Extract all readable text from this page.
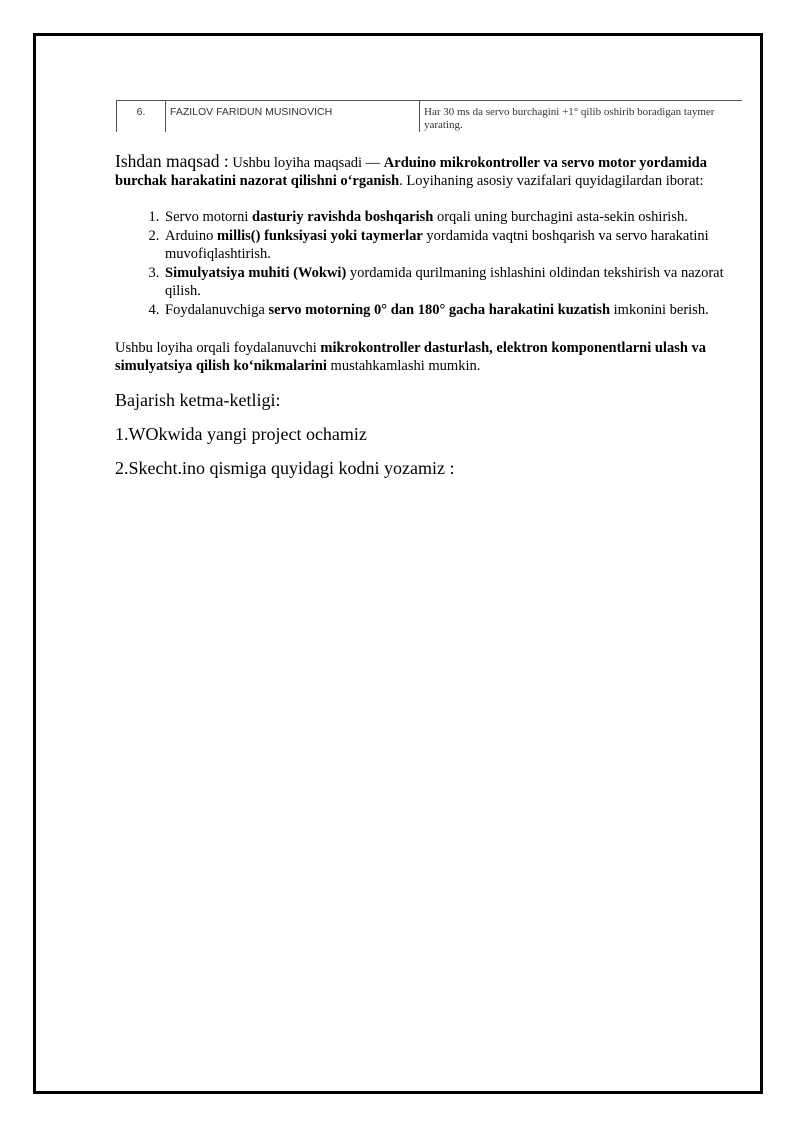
6.	FAZILOV FARIDUN MUSINOVICH	Har 30 ms da servo burchagini +1° qilib oshirib boradigan taymer yarating.

Ishdan maqsad : Ushbu loyiha maqsadi — Arduino mikrokontroller va servo motor yordamida burchak harakatini nazorat qilishni o‘rganish. Loyihaning asosiy vazifalari quyidagilardan iborat:

1. Servo motorni dasturiy ravishda boshqarish orqali uning burchagini asta-sekin oshirish.
2. Arduino millis() funksiyasi yoki taymerlar yordamida vaqtni boshqarish va servo harakatini muvofiqlashtirish.
3. Simulyatsiya muhiti (Wokwi) yordamida qurilmaning ishlashini oldindan tekshirish va nazorat qilish.
4. Foydalanuvchiga servo motorning 0° dan 180° gacha harakatini kuzatish imkonini berish.

Ushbu loyiha orqali foydalanuvchi mikrokontroller dasturlash, elektron komponentlarni ulash va simulyatsiya qilish ko‘nikmalarini mustahkamlashi mumkin.

Bajarish ketma-ketligi:

1.WOkwida yangi project ochamiz

2.Skecht.ino qismiga quyidagi kodni yozamiz :
